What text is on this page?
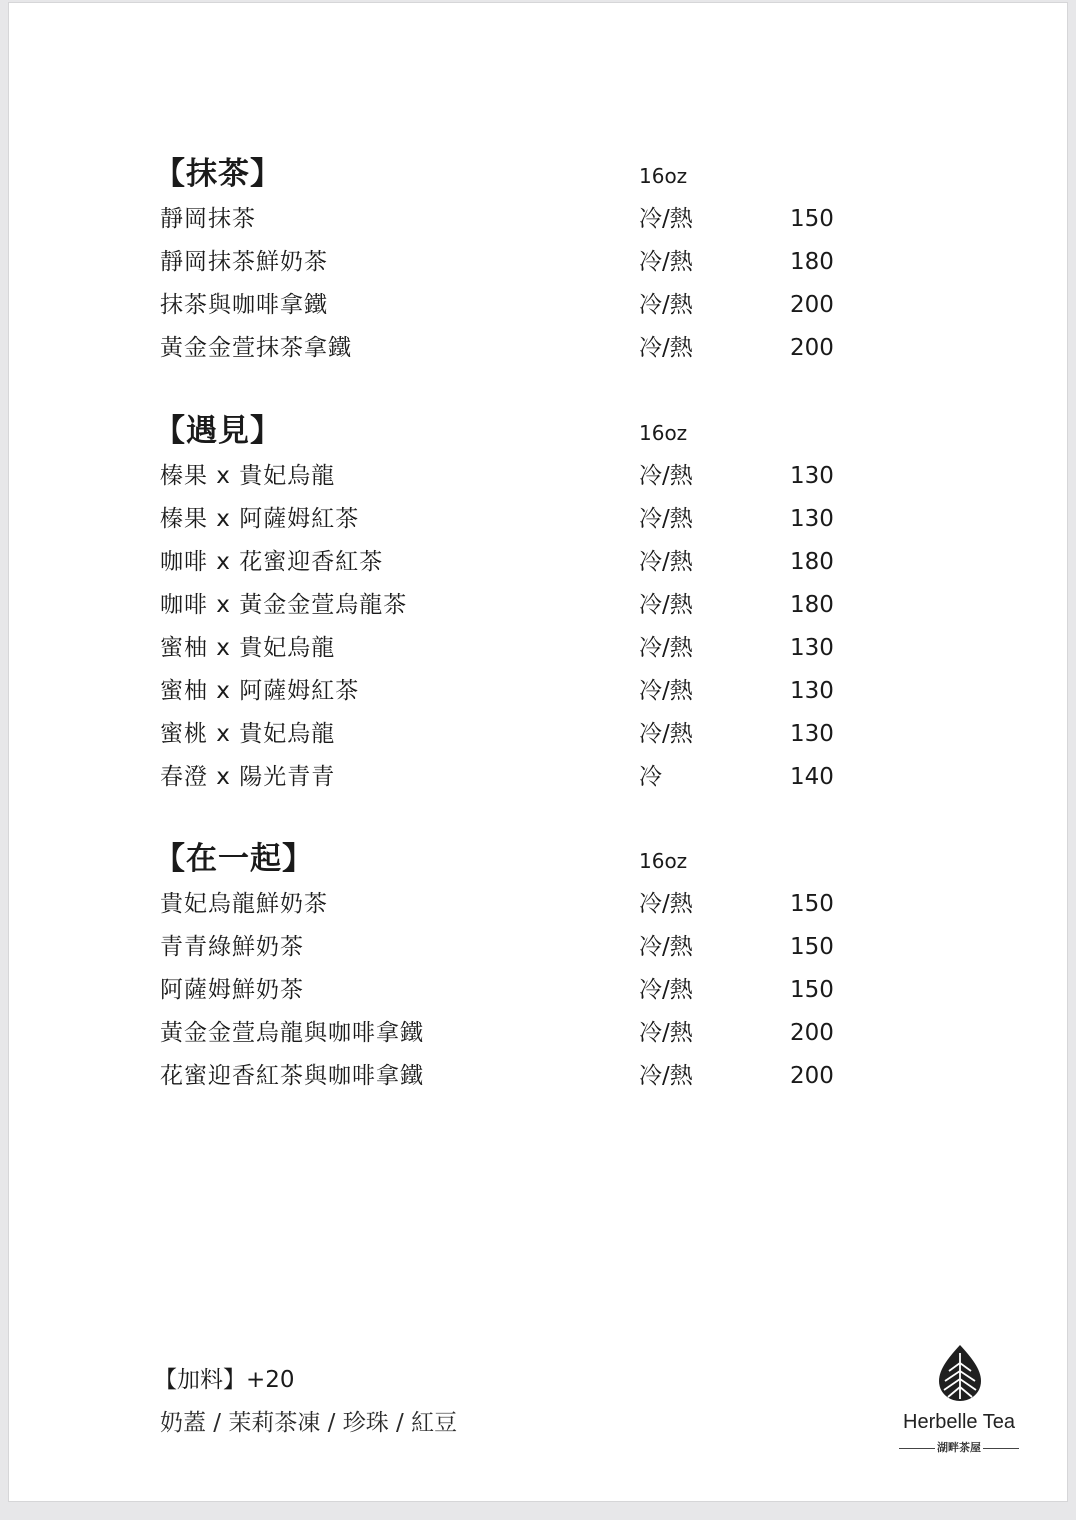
【抹茶】	16oz
靜岡抹茶	冷/熱	150
靜岡抹茶鮮奶茶	冷/熱	180
抹茶與咖啡拿鐵	冷/熱	200
黃金金萱抹茶拿鐵	冷/熱	200
【遇見】	16oz
榛果 x 貴妃烏龍	冷/熱	130
榛果 x 阿薩姆紅茶	冷/熱	130
咖啡 x 花蜜迎香紅茶	冷/熱	180
咖啡 x 黃金金萱烏龍茶	冷/熱	180
蜜柚 x 貴妃烏龍	冷/熱	130
蜜柚 x 阿薩姆紅茶	冷/熱	130
蜜桃 x 貴妃烏龍	冷/熱	130
春澄 x 陽光青青	冷	140
【在一起】	16oz
貴妃烏龍鮮奶茶	冷/熱	150
青青綠鮮奶茶	冷/熱	150
阿薩姆鮮奶茶	冷/熱	150
黃金金萱烏龍與咖啡拿鐵	冷/熱	200
花蜜迎香紅茶與咖啡拿鐵	冷/熱	200
【加料】+20
奶蓋 / 茉莉茶凍 / 珍珠 / 紅豆	Herbelle Tea
湖畔茶屋
